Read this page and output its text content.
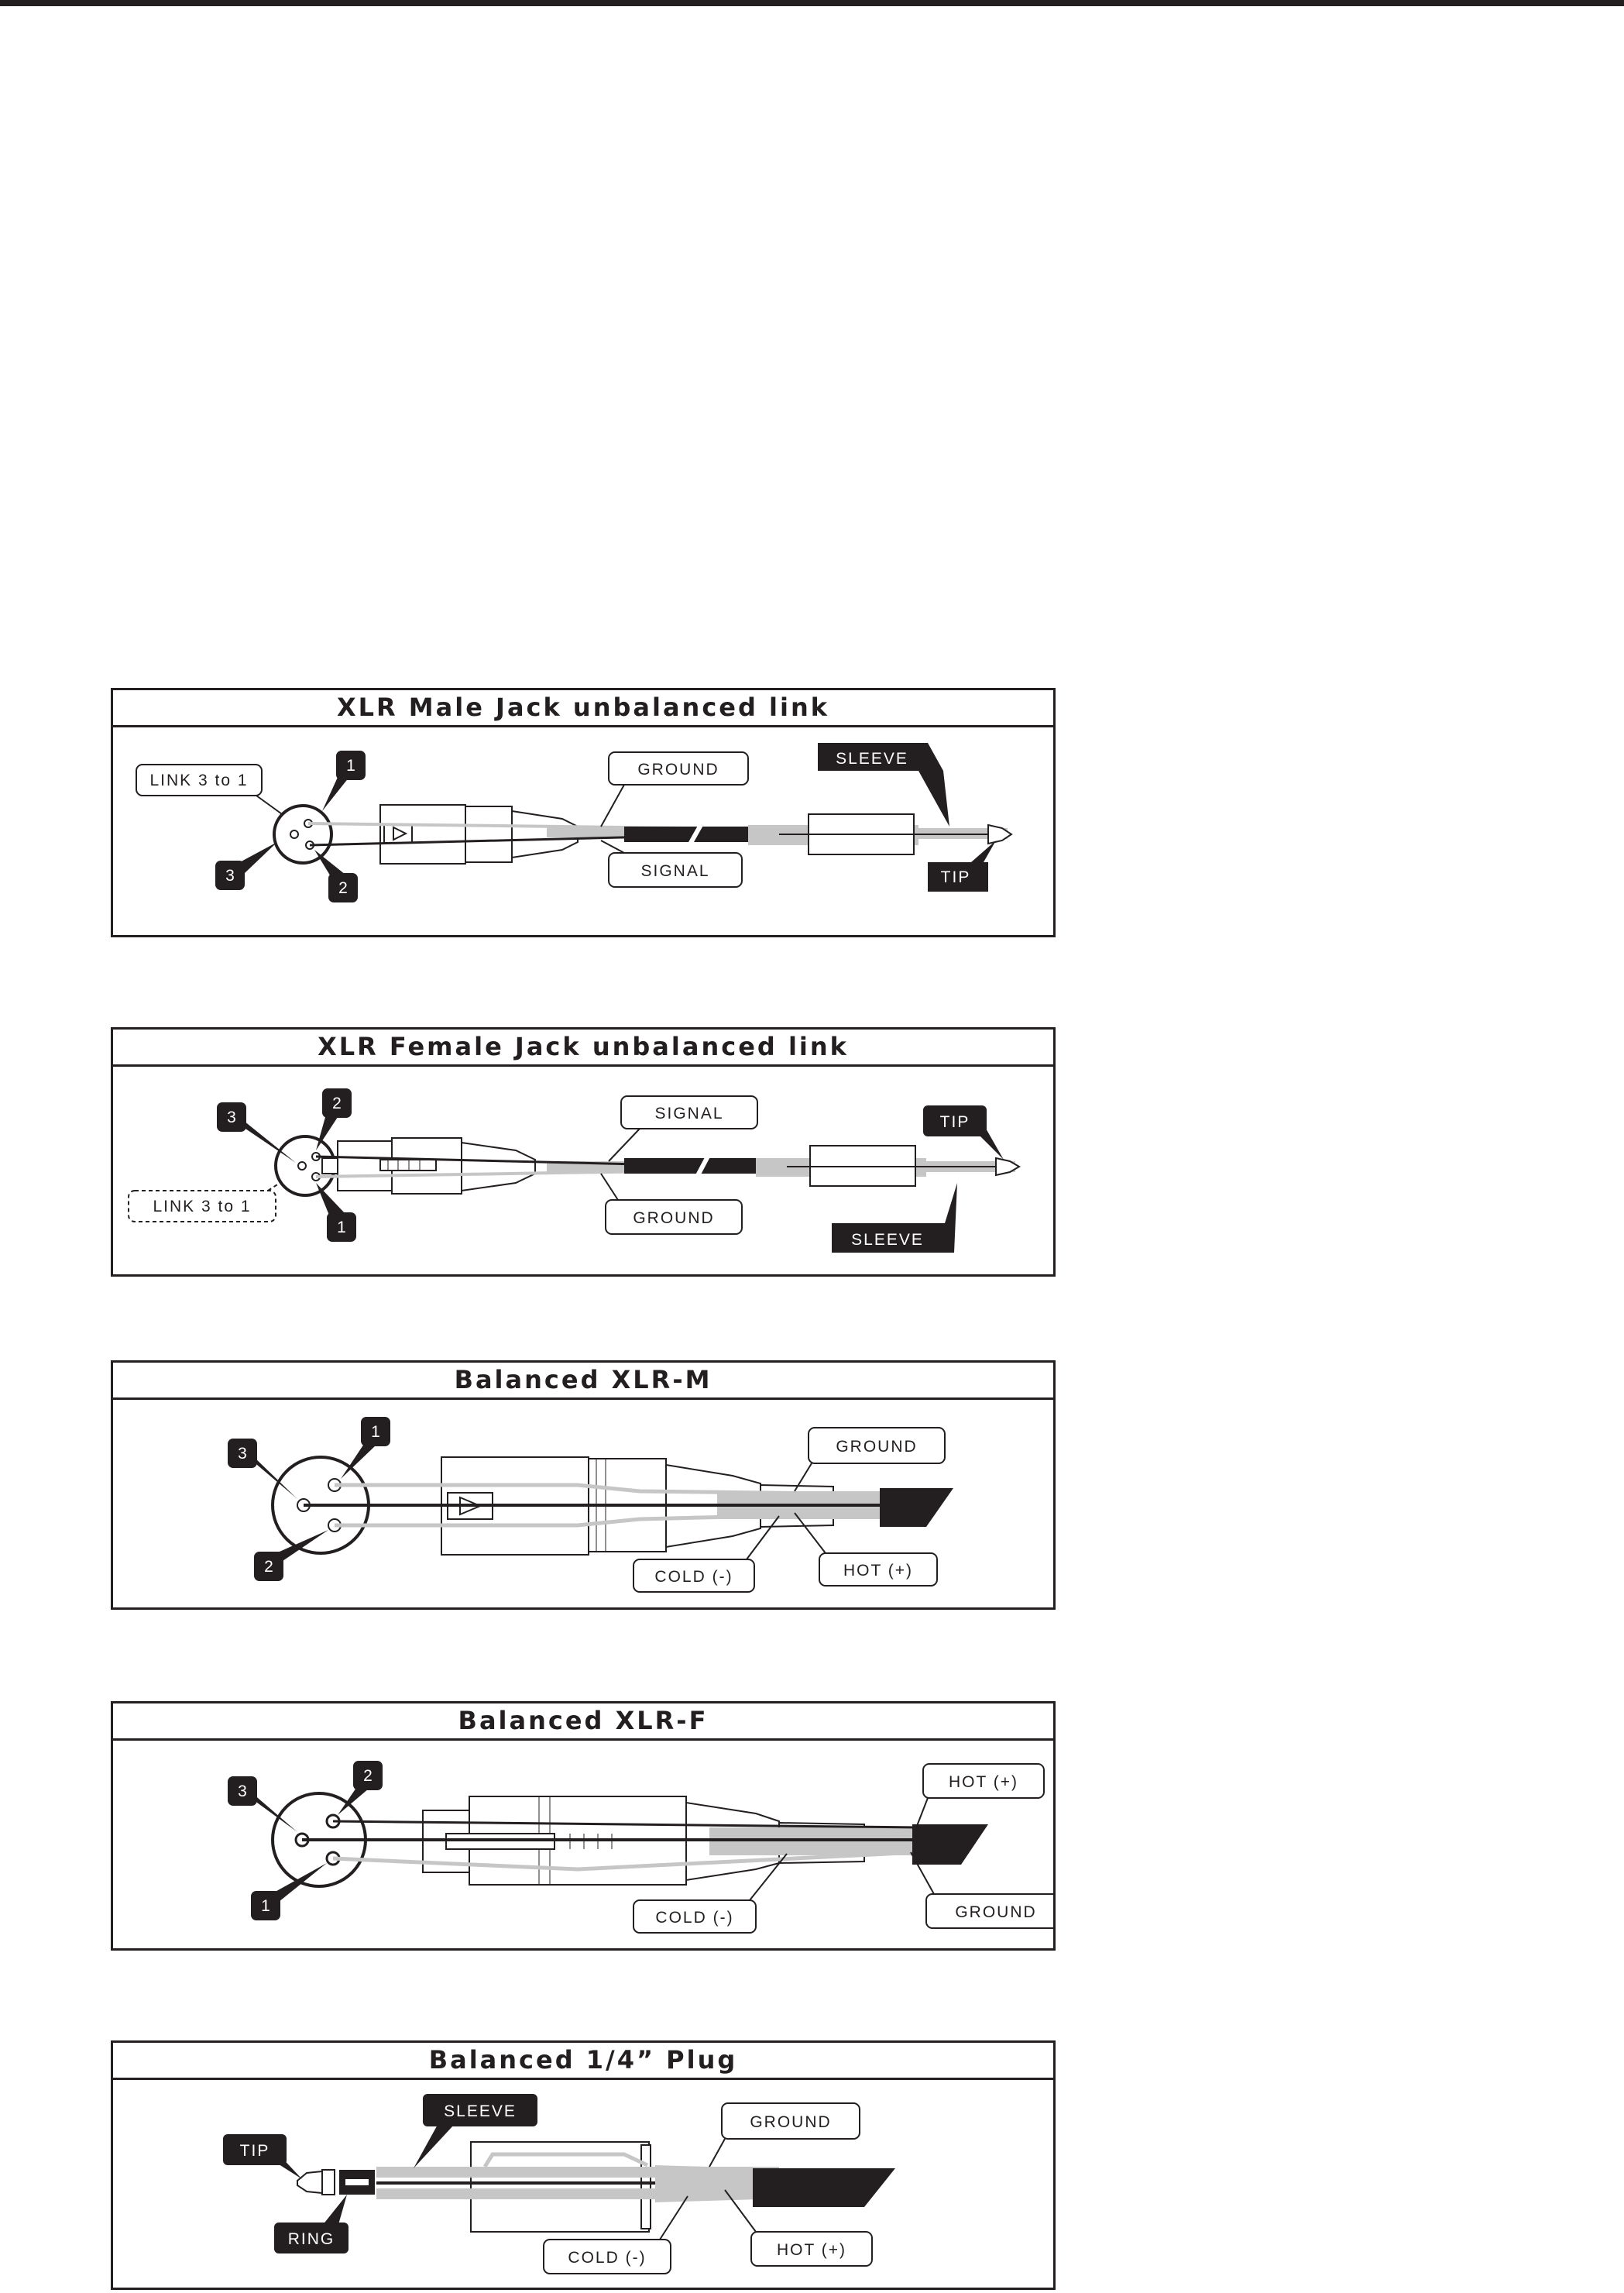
XLR Male Jack unbalanced link
LINK 3 to 1
GROUND
SIGNAL
SLEEVE
TIP
1
2
3
XLR Female Jack unbalanced link
LINK 3 to 1
SIGNAL
GROUND
TIP
SLEEVE
2
3
1
Balanced XLR-M
GROUND
COLD (-)	HOT (+)
1
3
2
Balanced XLR-F
HOT (+)
COLD (-)	GROUND
2
3
1
Balanced 1/4” Plug
TIP
RING
SLEEVE
GROUND
COLD (-)	HOT (+)
